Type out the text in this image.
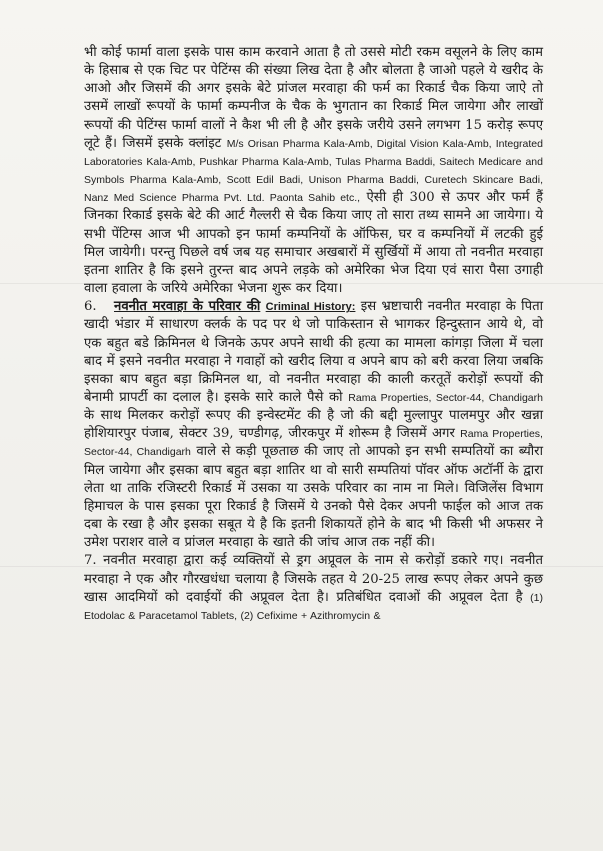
भी कोई फार्मा वाला इसके पास काम करवाने आता है तो उससे मोटी रकम वसूलने के लिए काम के हिसाब से एक चिट पर पेटिंग्स की संख्या लिख देता है और बोलता है जाओ पहले ये खरीद के आओ और जिसमें की अगर इसके बेटे प्रांजल मरवाहा की फर्म का रिकार्ड चैक किया जाऐ तो उसमें लाखों रूपयों के फार्मा कम्पनीज के चैक के भुगतान का रिकार्ड मिल जायेगा और लाखों रूपयों की पेटिंग्स फार्मा वालों ने कैश भी ली है और इसके जरीये उसने लगभग 15 करोड़ रूपए लूटे हैं। जिसमें इसके क्लांइट M/s Orisan Pharma Kala-Amb, Digital Vision Kala-Amb, Integrated Laboratories Kala-Amb, Pushkar Pharma Kala-Amb, Tulas Pharma Baddi, Saitech Medicare and Symbols Pharma Kala-Amb, Scott Edil Badi, Unison Pharma Baddi, Curetech Skincare Badi, Nanz Med Science Pharma Pvt. Ltd. Paonta Sahib etc., ऐसी ही 300 से ऊपर और फर्म हैं जिनका रिकार्ड इसके बेटे की आर्ट गैल्लरी से चैक किया जाए तो सारा तथ्य सामने आ जायेगा। ये सभी पेंटिग्स आज भी आपको इन फार्मा कम्पनियों के ऑफिस, घर व कम्पनियों में लटकी हुई मिल जायेगी। परन्तु पिछले वर्ष जब यह समाचार अखबारों में सुर्खियों में आया तो नवनीत मरवाहा इतना शातिर है कि इसने तुरन्त बाद अपने लड़के को अमेरिका भेज दिया एवं सारा पैसा उगाही वाला हवाला के जरिये अमेरिका भेजना शुरू कर दिया।

6. नवनीत मरवाहा के परिवार की Criminal History: इस भ्रष्टाचारी नवनीत मरवाहा के पिता खादी भंडार में साधारण क्लर्क के पद पर थे जो पाकिस्तान से भागकर हिन्दुस्तान आये थे, वो एक बहुत बडे क्रिमिनल थे जिनके ऊपर अपने साथी की हत्या का मामला कांगड़ा जिला में चला बाद में इसने नवनीत मरवाहा ने गवाहों को खरीद लिया व अपने बाप को बरी करवा लिया जबकि इसका बाप बहुत बड़ा क्रिमिनल था, वो नवनीत मरवाहा की काली करतूतें करोड़ों रूपयों की बेनामी प्रापर्टी का दलाल है। इसके सारे काले पैसे को Rama Properties, Sector-44, Chandigarh के साथ मिलकर करोड़ों रूपए की इन्वेस्टमेंट की है जो की बद्दी मुल्लापुर पालमपुर और खन्ना होशियारपुर पंजाब, सेक्टर 39, चण्डीगढ़, जीरकपुर में शोरूम है जिसमें अगर Rama Properties, Sector-44, Chandigarh वाले से कड़ी पूछताछ की जाए तो आपको इन सभी सम्पतियों का ब्यौरा मिल जायेगा और इसका बाप बहुत बड़ा शातिर था वो सारी सम्पतियां पॉवर ऑफ अटॉर्नी के द्वारा लेता था ताकि रजिस्टरी रिकार्ड में उसका या उसके परिवार का नाम ना मिले। विजिलेंस विभाग हिमाचल के पास इसका पूरा रिकार्ड है जिसमें ये उनको पैसे देकर अपनी फाईल को आज तक दबा के रखा है और इसका सबूत ये है कि इतनी शिकायतें होने के बाद भी किसी भी अफसर ने उमेश पराशर वाले व प्रांजल मरवाहा के खाते की जांच आज तक नहीं की।

7. नवनीत मरवाहा द्वारा कई व्यक्तियों से ड्रग अप्रूवल के नाम से करोड़ों डकारे गए। नवनीत मरवाहा ने एक और गौरखधंधा चलाया है जिसके तहत ये 20-25 लाख रूपए लेकर अपने कुछ खास आदमियों को दवाईयों की अप्रूवल देता है। प्रतिबंधित दवाओं की अप्रूवल देता है (1) Etodolac & Paracetamol Tablets, (2) Cefixime + Azithromycin &
